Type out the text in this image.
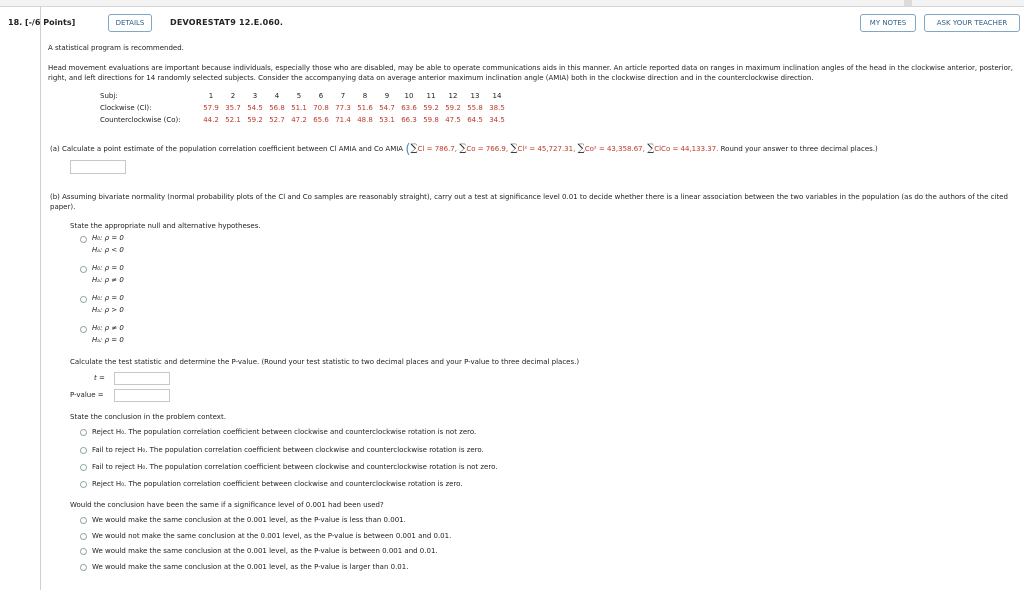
18. [-/6 Points]	DETAILS	DEVORESTAT9 12.E.060.	MY NOTES	ASK YOUR TEACHER
A statistical program is recommended.
Head movement evaluations are important because individuals, especially those who are disabled, may be able to operate communications aids in this manner. An article reported data on ranges in maximum inclination angles of the head in the clockwise anterior, posterior, right, and left directions for 14 randomly selected subjects. Consider the accompanying data on average anterior maximum inclination angle (AMIA) both in the clockwise direction and in the counterclockwise direction.
Subj:	1	2	3	4	5	6	7	8	9 10 11 12 13 14
Clockwise (Cl):	57.9 35.7 54.5 56.8 51.1 70.8 77.3 51.6 54.7 63.6 59.2 59.2 55.8 38.5
Counterclockwise (Co):	44.2 52.1 59.2 52.7 47.2 65.6 71.4 48.8 53.1 66.3 59.8 47.5 64.5 34.5
(a) Calculate a point estimate of the population correlation coefficient between Cl AMIA and Co AMIA (∑Cl = 786.7, ∑Co = 766.9, ∑Cl² = 45,727.31, ∑Co² = 43,358.67, ∑ClCo = 44,133.37. Round your answer to three decimal places.)
(b) Assuming bivariate normality (normal probability plots of the Cl and Co samples are reasonably straight), carry out a test at significance level 0.01 to decide whether there is a linear association between the two variables in the population (as do the authors of the cited paper).
State the appropriate null and alternative hypotheses.
H₀: ρ = 0
Hₐ: ρ < 0
H₀: ρ = 0
Hₐ: ρ ≠ 0
H₀: ρ = 0
Hₐ: ρ > 0
H₀: ρ ≠ 0
Hₐ: ρ = 0
Calculate the test statistic and determine the P-value. (Round your test statistic to two decimal places and your P-value to three decimal places.)
t =
P-value =
State the conclusion in the problem context.
Reject H₀. The population correlation coefficient between clockwise and counterclockwise rotation is not zero.
Fail to reject H₀. The population correlation coefficient between clockwise and counterclockwise rotation is zero.
Fail to reject H₀. The population correlation coefficient between clockwise and counterclockwise rotation is not zero.
Reject H₀. The population correlation coefficient between clockwise and counterclockwise rotation is zero.
Would the conclusion have been the same if a significance level of 0.001 had been used?
We would make the same conclusion at the 0.001 level, as the P-value is less than 0.001.
We would not make the same conclusion at the 0.001 level, as the P-value is between 0.001 and 0.01.
We would make the same conclusion at the 0.001 level, as the P-value is between 0.001 and 0.01.
We would make the same conclusion at the 0.001 level, as the P-value is larger than 0.01.
